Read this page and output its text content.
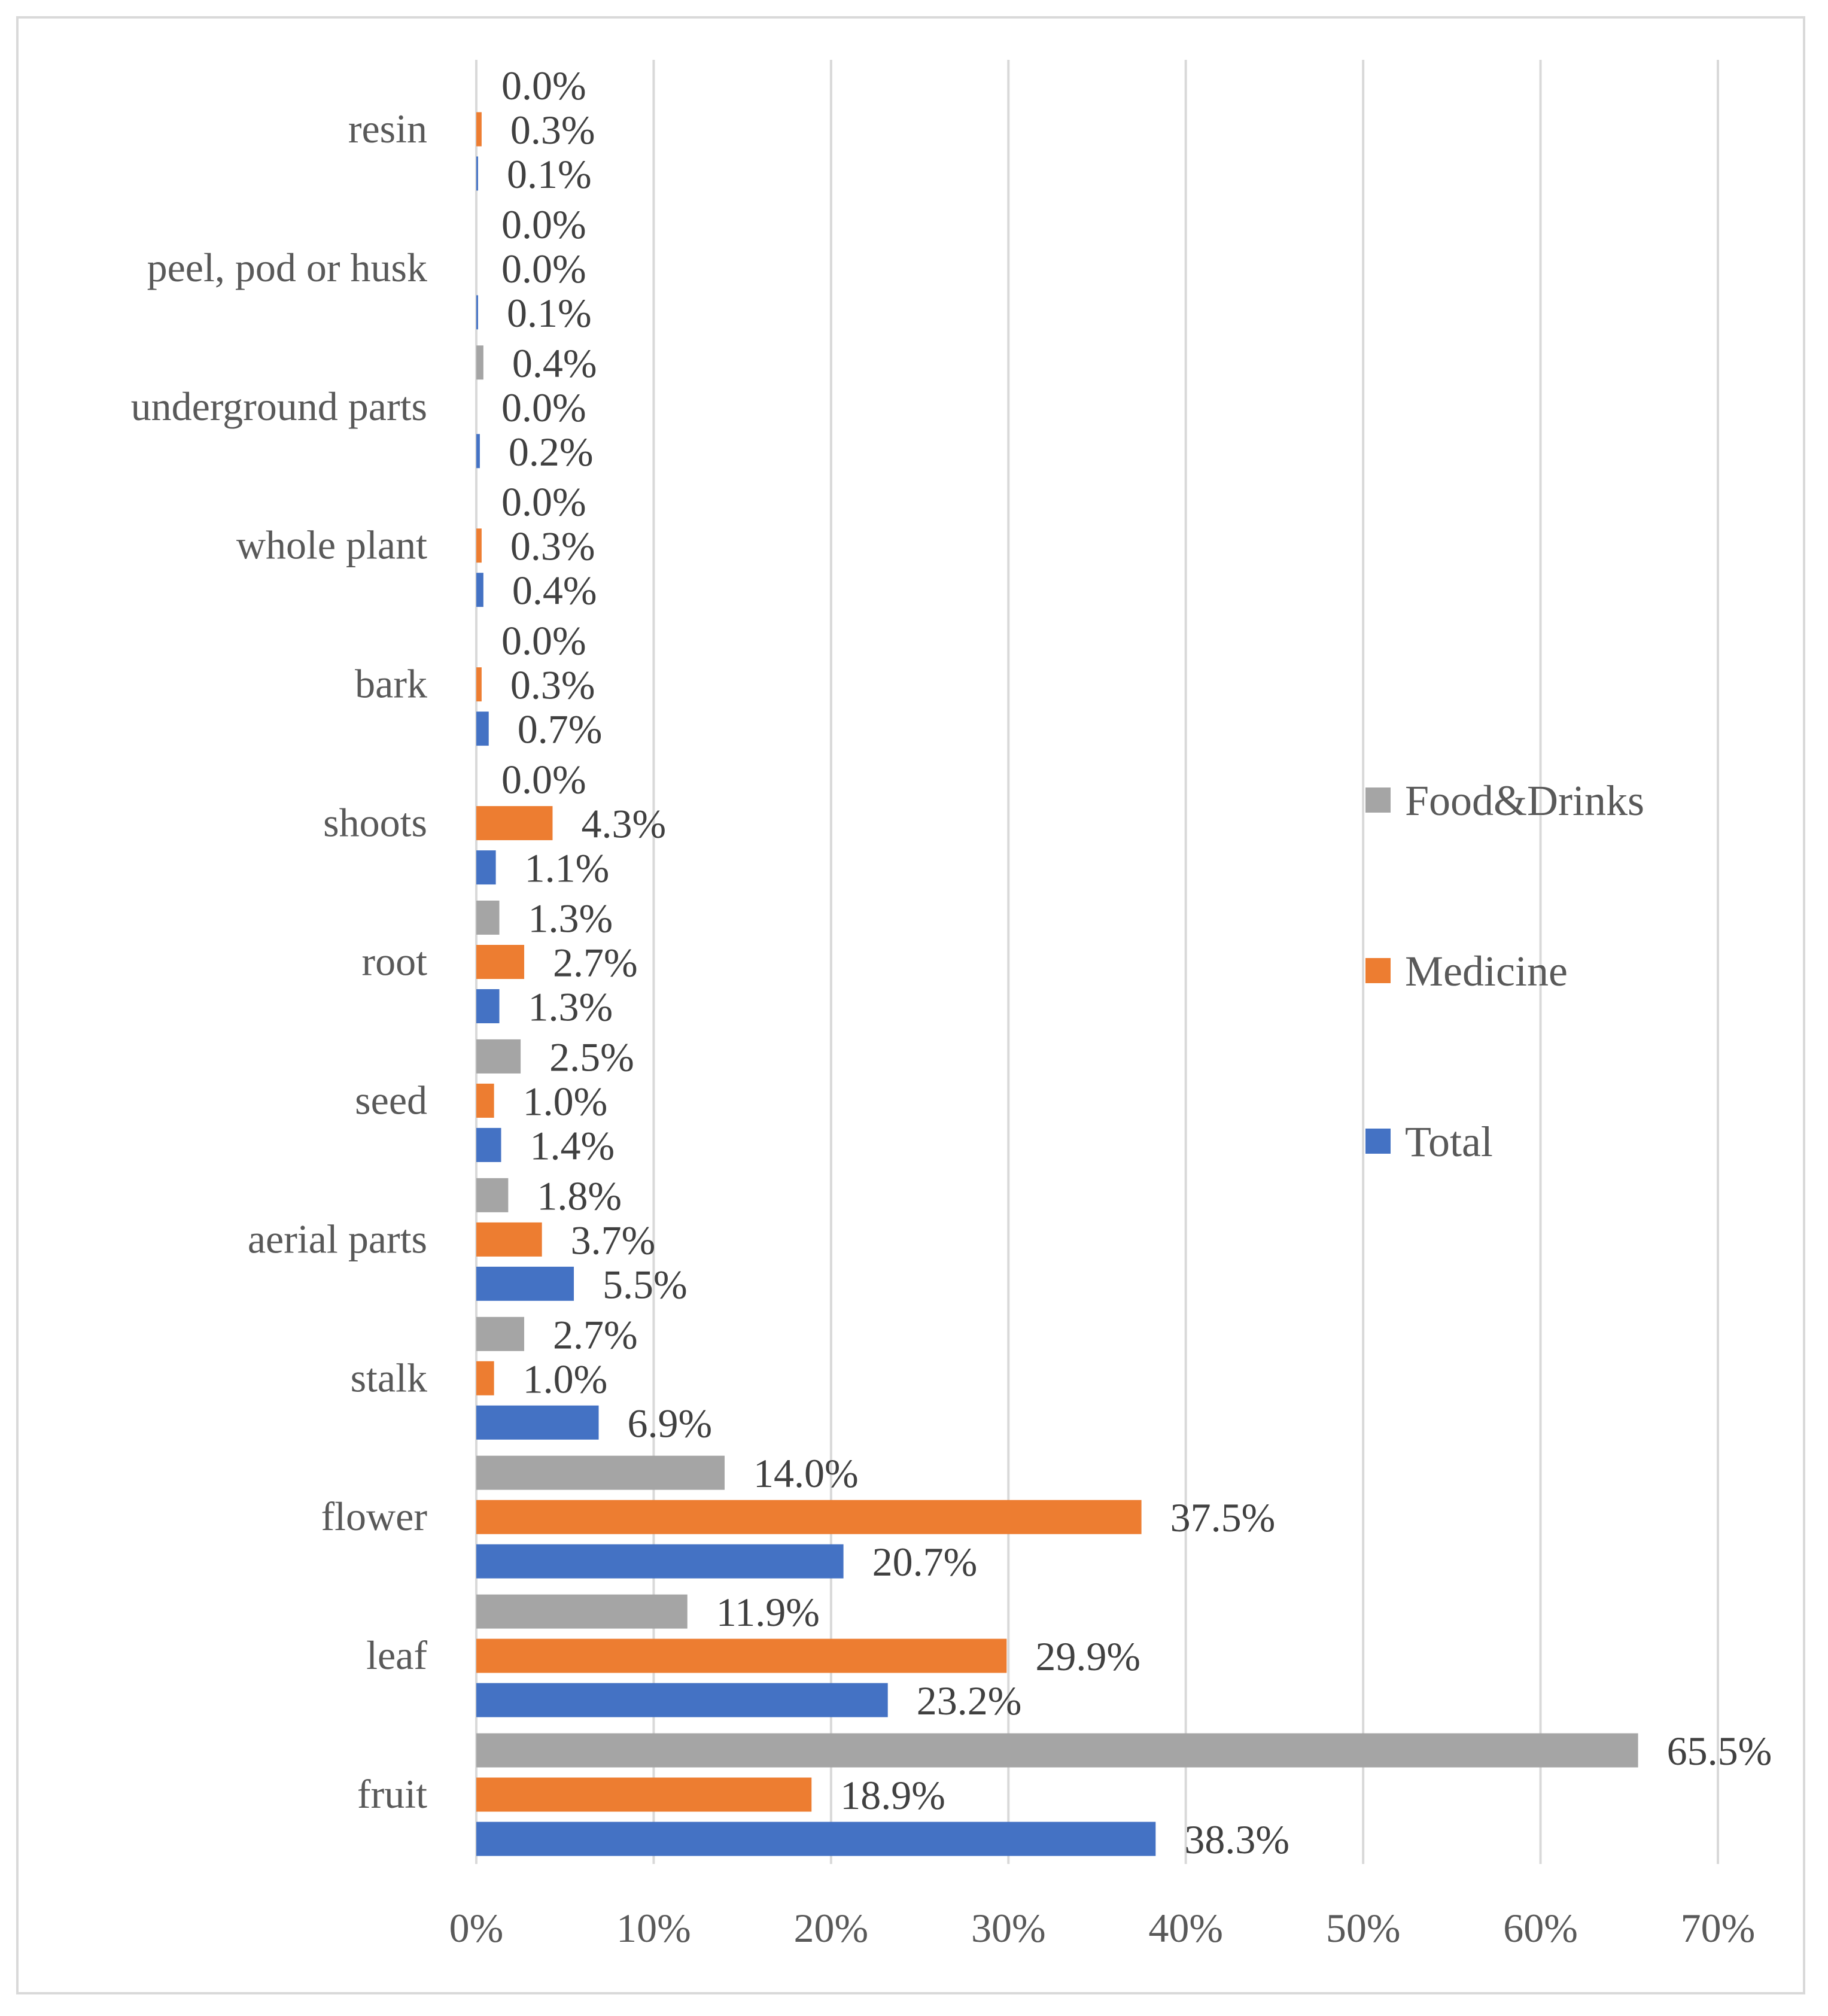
0.0%
0.3%
0.1%
0.0%
0.0%
0.1%
0.4%
0.0%
0.2%
0.0%
0.3%
0.4%
0.0%
0.3%
0.7%
0.0%
4.3%
1.1%
1.3%
2.7%
1.3%
2.5%
1.0%
1.4%
1.8%
3.7%
5.5%
2.7%
1.0%
6.9%
14.0%
37.5%
20.7%
11.9%
29.9%
23.2%
65.5%
18.9%
38.3%
resin
peel, pod or husk
underground parts
whole plant
bark
shoots
root
seed
aerial parts
stalk
flower
leaf
fruit
0%	10%	20%	30%	40%	50%	60%	70%
Food&Drinks
Medicine
Total
